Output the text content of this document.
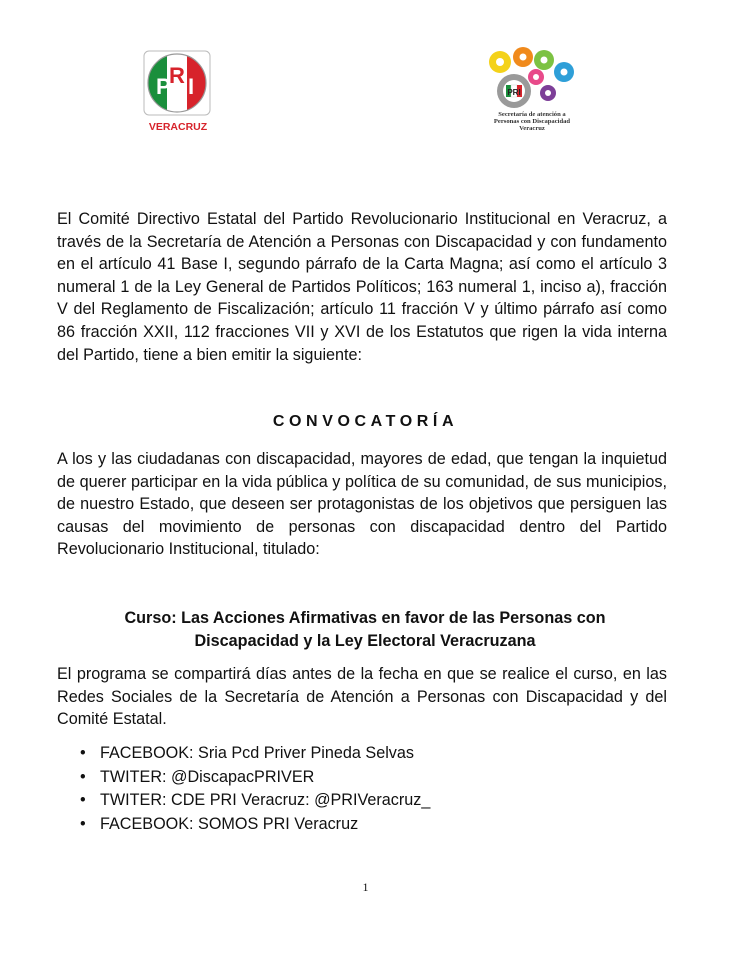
P
R I
VERACRUZ
PRI
Secretaría de atención a
Personas con Discapacidad
Veracruz

El Comité Directivo Estatal del Partido Revolucionario Institucional en Veracruz, a través de la Secretaría de Atención a Personas con Discapacidad y con fundamento en el artículo 41 Base I, segundo párrafo de la Carta Magna; así como el artículo 3 numeral 1 de la Ley General de Partidos Políticos; 163 numeral 1, inciso a), fracción V del Reglamento de Fiscalización; artículo 11 fracción V y último párrafo así como 86 fracción XXII, 112 fracciones VII y XVI de los Estatutos que rigen la vida interna del Partido, tiene a bien emitir la siguiente:

CONVOCATORÍA

A los y las ciudadanas con discapacidad, mayores de edad, que tengan la inquietud de querer participar en la vida pública y política de su comunidad, de sus municipios, de nuestro Estado, que deseen ser protagonistas de los objetivos que persiguen las causas del movimiento de personas con discapacidad dentro del Partido Revolucionario Institucional, titulado:

Curso: Las Acciones Afirmativas en favor de las Personas con
Discapacidad y la Ley Electoral Veracruzana

El programa se compartirá días antes de la fecha en que se realice el curso, en las Redes Sociales de la Secretaría de Atención a Personas con Discapacidad y del Comité Estatal.

• FACEBOOK: Sria Pcd Priver Pineda Selvas
• TWITER: @DiscapacPRIVER
• TWITER: CDE PRI Veracruz: @PRIVeracruz_
• FACEBOOK: SOMOS PRI Veracruz
1
